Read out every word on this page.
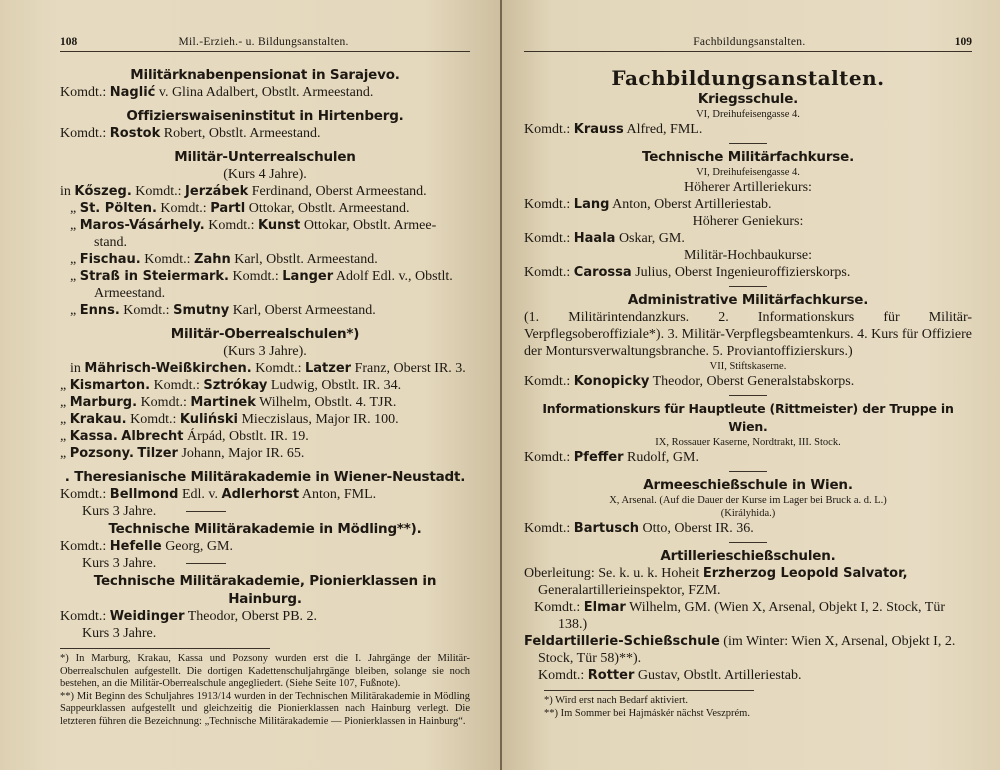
108	Mil.-Erzieh.- u. Bildungsanstalten.

Militärknabenpensionat in Sarajevo.

Komdt.: Naglić v. Glina Adalbert, Obstlt. Armeestand.

Offizierswaiseninstitut in Hirtenberg.

Komdt.: Rostok Robert, Obstlt. Armeestand.

Militär-Unterrealschulen

(Kurs 4 Jahre).
in Kőszeg. Komdt.: Jerzábek Ferdinand, Oberst Armeestand.
„ St. Pölten. Komdt.: Partl Ottokar, Obstlt. Armeestand.
„ Maros-Vásárhely. Komdt.: Kunst Ottokar, Obstlt. Armee- stand.
„ Fischau. Komdt.: Zahn Karl, Obstlt. Armeestand.
„ Straß in Steiermark. Komdt.: Langer Adolf Edl. v., Obstlt. Armeestand.
„ Enns. Komdt.: Smutny Karl, Oberst Armeestand.

Militär-Oberrealschulen*)

(Kurs 3 Jahre).
in Mährisch-Weißkirchen. Komdt.: Latzer Franz, Oberst IR. 3.
„ Kismarton. Komdt.: Sztrókay Ludwig, Obstlt. IR. 34.
„ Marburg. Komdt.: Martinek Wilhelm, Obstlt. 4. TJR.
„ Krakau. Komdt.: Kuliński Mieczislaus, Major IR. 100.
„ Kassa. Albrecht Árpád, Obstlt. IR. 19.
„ Pozsony. Tilzer Johann, Major IR. 65.

. Theresianische Militärakademie in Wiener-Neustadt.

Komdt.: Bellmond Edl. v. Adlerhorst Anton, FML.
Kurs 3 Jahre.

Technische Militärakademie in Mödling**).

Komdt.: Hefelle Georg, GM.
Kurs 3 Jahre.

Technische Militärakademie, Pionierklassen in Hainburg.

Komdt.: Weidinger Theodor, Oberst PB. 2.
Kurs 3 Jahre.
*) In Marburg, Krakau, Kassa und Pozsony wurden erst die I. Jahrgänge der Militär-Oberrealschulen aufgestellt. Die dortigen Kadettenschuljahrgänge bleiben, solange sie noch bestehen, an die Militär-Oberrealschule angegliedert. (Siehe Seite 107, Fußnote).
**) Mit Beginn des Schuljahres 1913/14 wurden in der Technischen Militärakademie in Mödling Sappeurklassen aufgestellt und gleichzeitig die Pionierklassen nach Hainburg verlegt. Die letzteren führen die Bezeichnung: „Technische Militärakademie — Pionierklassen in Hainburg“.
Fachbildungsanstalten.	109

Fachbildungsanstalten.

Kriegsschule.

VI, Dreihufeisengasse 4.
Komdt.: Krauss Alfred, FML.

Technische Militärfachkurse.

VI, Dreihufeisengasse 4.
Höherer Artilleriekurs:
Komdt.: Lang Anton, Oberst Artilleriestab.
Höherer Geniekurs:
Komdt.: Haala Oskar, GM.
Militär-Hochbaukurse:
Komdt.: Carossa Julius, Oberst Ingenieuroffizierskorps.

Administrative Militärfachkurse.

(1. Militärintendanzkurs. 2. Informationskurs für Militär-Verpflegsoberoffiziale*). 3. Militär-Verpflegsbeamtenkurs. 4. Kurs für Offiziere der Montursverwaltungsbranche. 5. Proviantoffizierskurs.)
VII, Stiftskaserne.
Komdt.: Konopicky Theodor, Oberst Generalstabskorps.

Informationskurs für Hauptleute (Rittmeister) der Truppe in Wien.

IX, Rossauer Kaserne, Nordtrakt, III. Stock.
Komdt.: Pfeffer Rudolf, GM.

Armeeschießschule in Wien.

X, Arsenal. (Auf die Dauer der Kurse im Lager bei Bruck a. d. L.)
(Királyhida.)
Komdt.: Bartusch Otto, Oberst IR. 36.

Artillerieschießschulen.

Oberleitung: Se. k. u. k. Hoheit Erzherzog Leopold Salvator, Generalartillerieinspektor, FZM.
Komdt.: Elmar Wilhelm, GM. (Wien X, Arsenal, Objekt I, 2. Stock, Tür 138.)
Feldartillerie-Schießschule (im Winter: Wien X, Arsenal, Objekt I, 2. Stock, Tür 58)**).
Komdt.: Rotter Gustav, Obstlt. Artilleriestab.
*) Wird erst nach Bedarf aktiviert.
**) Im Sommer bei Hajmáskér nächst Veszprém.
